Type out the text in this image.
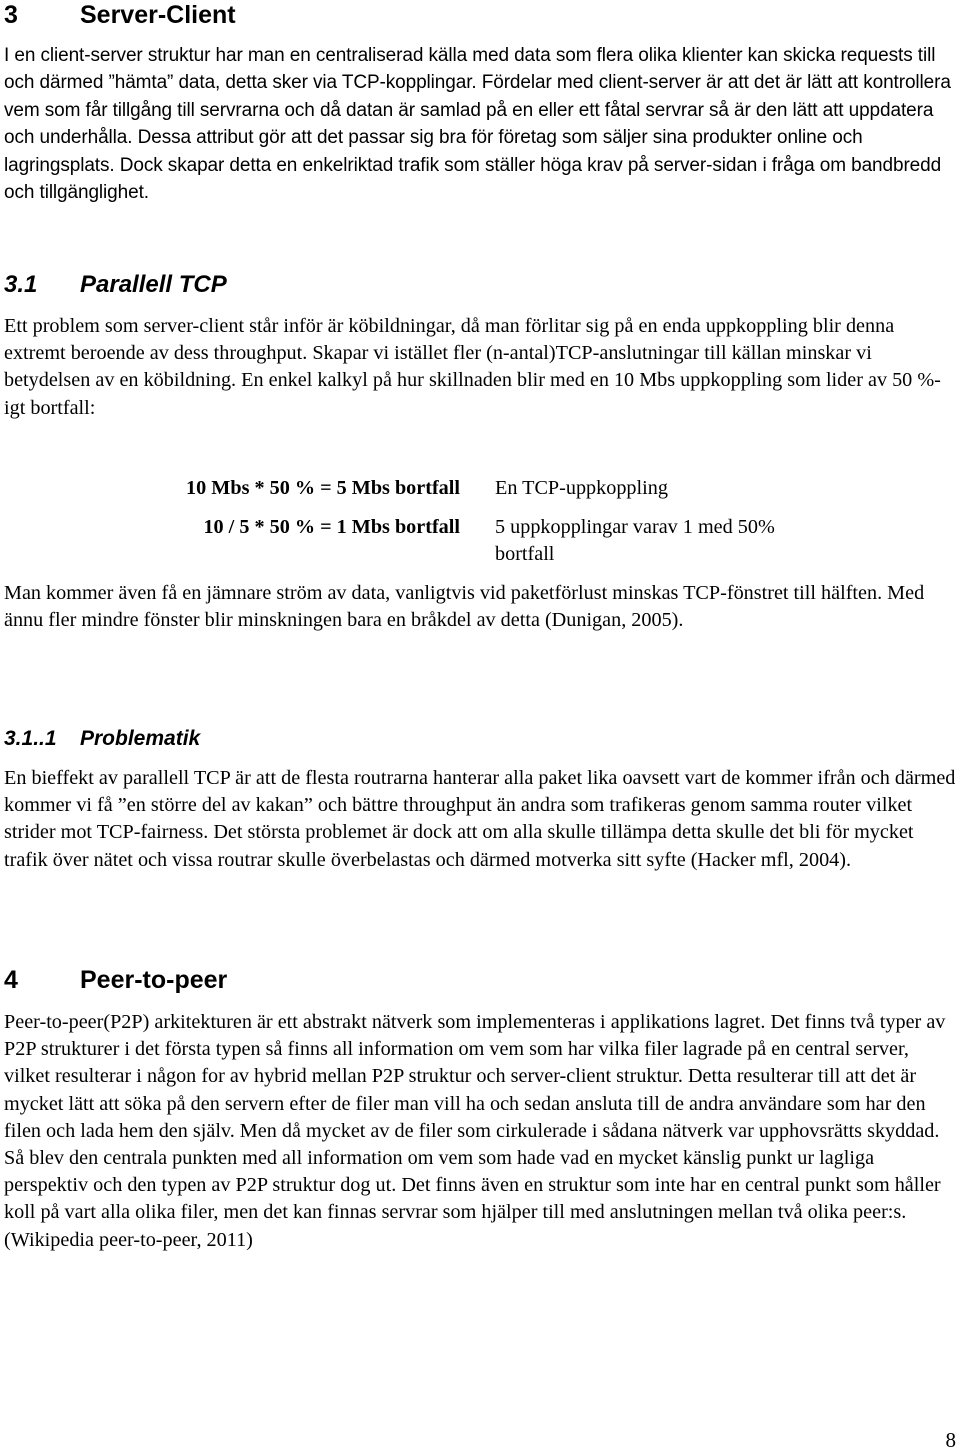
3 Server-Client

I en client-server struktur har man en centraliserad källa med data som flera olika klienter kan skicka requests till och därmed ”hämta” data, detta sker via TCP-kopplingar. Fördelar med client-server är att det är lätt att kontrollera vem som får tillgång till servrarna och då datan är samlad på en eller ett fåtal servrar så är den lätt att uppdatera och underhålla. Dessa attribut gör att det passar sig bra för företag som säljer sina produkter online och lagringsplats. Dock skapar detta en enkelriktad trafik som ställer höga krav på server-sidan i fråga om bandbredd och tillgänglighet.

3.1 Parallell TCP

Ett problem som server-client står inför är köbildningar, då man förlitar sig på en enda uppkoppling blir denna extremt beroende av dess throughput. Skapar vi istället fler (n-antal)TCP-anslutningar till källan minskar vi betydelsen av en köbildning. En enkel kalkyl på hur skillnaden blir med en 10 Mbs uppkoppling som lider av 50 %-igt bortfall:

10 Mbs * 50 % = 5 Mbs bortfall En TCP-uppkoppling
10 / 5 * 50 % = 1 Mbs bortfall 5 uppkopplingar varav 1 med 50% bortfall

Man kommer även få en jämnare ström av data, vanligtvis vid paketförlust minskas TCP-fönstret till hälften. Med ännu fler mindre fönster blir minskningen bara en bråkdel av detta (Dunigan, 2005).

3.1..1 Problematik

En bieffekt av parallell TCP är att de flesta routrarna hanterar alla paket lika oavsett vart de kommer ifrån och därmed kommer vi få ”en större del av kakan” och bättre throughput än andra som trafikeras genom samma router vilket strider mot TCP-fairness. Det största problemet är dock att om alla skulle tillämpa detta skulle det bli för mycket trafik över nätet och vissa routrar skulle överbelastas och därmed motverka sitt syfte (Hacker mfl, 2004).

4 Peer-to-peer

Peer-to-peer(P2P) arkitekturen är ett abstrakt nätverk som implementeras i applikations lagret. Det finns två typer av P2P strukturer i det första typen så finns all information om vem som har vilka filer lagrade på en central server, vilket resulterar i någon for av hybrid mellan P2P struktur och server-client struktur. Detta resulterar till att det är mycket lätt att söka på den servern efter de filer man vill ha och sedan ansluta till de andra användare som har den filen och lada hem den själv. Men då mycket av de filer som cirkulerade i sådana nätverk var upphovsrätts skyddad. Så blev den centrala punkten med all information om vem som hade vad en mycket känslig punkt ur lagliga perspektiv och den typen av P2P struktur dog ut. Det finns även en struktur som inte har en central punkt som håller koll på vart alla olika filer, men det kan finnas servrar som hjälper till med anslutningen mellan två olika peer:s. (Wikipedia peer-to-peer, 2011)

8
